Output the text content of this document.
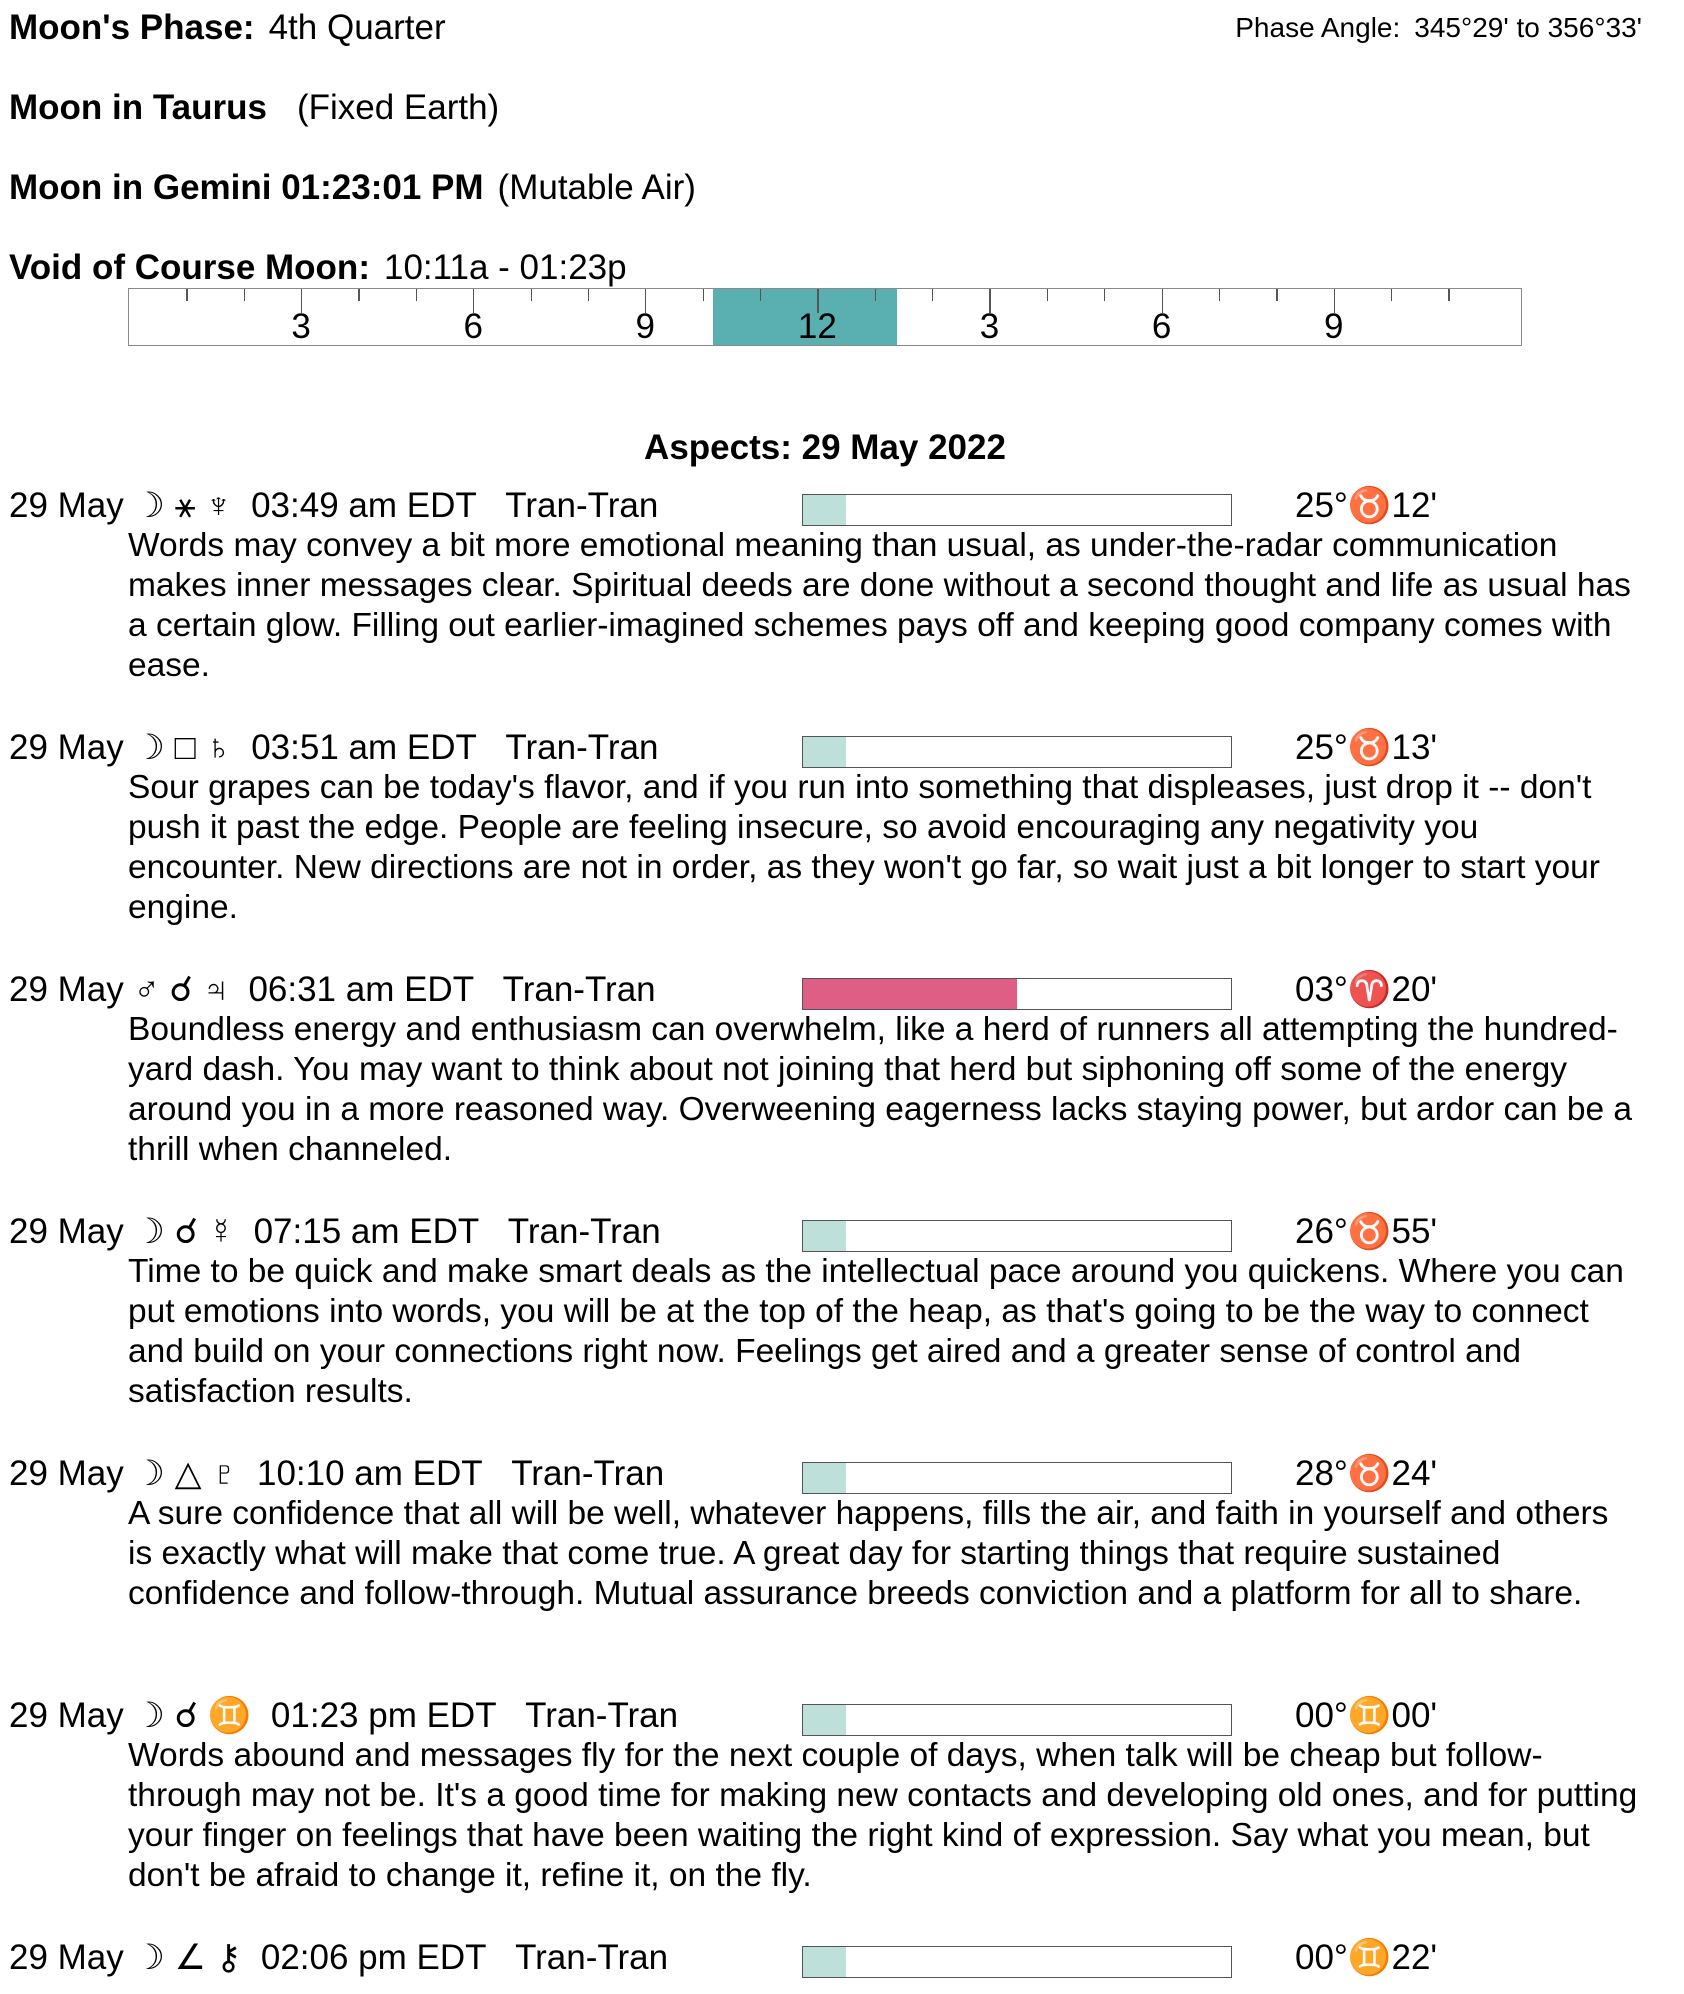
Moon's Phase: 4th Quarter	Phase Angle: 345°29' to 356°33'
Moon in Taurus (Fixed Earth)
Moon in Gemini 01:23:01 PM (Mutable Air)
Void of Course Moon: 10:11a - 01:23p
3	6	9	12	3	6	9
Aspects: 29 May 2022
29 May ☽ ⚹ ♆ 03:49 am EDT Tran-Tran	25°♉12'
Words may convey a bit more emotional meaning than usual, as under-the-radar communication makes inner messages clear. Spiritual deeds are done without a second thought and life as usual has a certain glow. Filling out earlier-imagined schemes pays off and keeping good company comes with ease.
29 May ☽ □ ♄ 03:51 am EDT Tran-Tran	25°♉13'
Sour grapes can be today's flavor, and if you run into something that displeases, just drop it -- don't push it past the edge. People are feeling insecure, so avoid encouraging any negativity you encounter. New directions are not in order, as they won't go far, so wait just a bit longer to start your engine.
29 May ♂ ☌ ♃ 06:31 am EDT Tran-Tran	03°♈20'
Boundless energy and enthusiasm can overwhelm, like a herd of runners all attempting the hundred-yard dash. You may want to think about not joining that herd but siphoning off some of the energy around you in a more reasoned way. Overweening eagerness lacks staying power, but ardor can be a thrill when channeled.
29 May ☽ ☌ ☿ 07:15 am EDT Tran-Tran	26°♉55'
Time to be quick and make smart deals as the intellectual pace around you quickens. Where you can put emotions into words, you will be at the top of the heap, as that's going to be the way to connect and build on your connections right now. Feelings get aired and a greater sense of control and satisfaction results.
29 May ☽ △ ♇ 10:10 am EDT Tran-Tran	28°♉24'
A sure confidence that all will be well, whatever happens, fills the air, and faith in yourself and others is exactly what will make that come true. A great day for starting things that require sustained confidence and follow-through. Mutual assurance breeds conviction and a platform for all to share.
29 May ☽ ☌ ♊ 01:23 pm EDT Tran-Tran	00°♊00'
Words abound and messages fly for the next couple of days, when talk will be cheap but follow-through may not be. It's a good time for making new contacts and developing old ones, and for putting your finger on feelings that have been waiting the right kind of expression. Say what you mean, but don't be afraid to change it, refine it, on the fly.
29 May ☽ ∠ ⚷ 02:06 pm EDT Tran-Tran	00°♊22'
